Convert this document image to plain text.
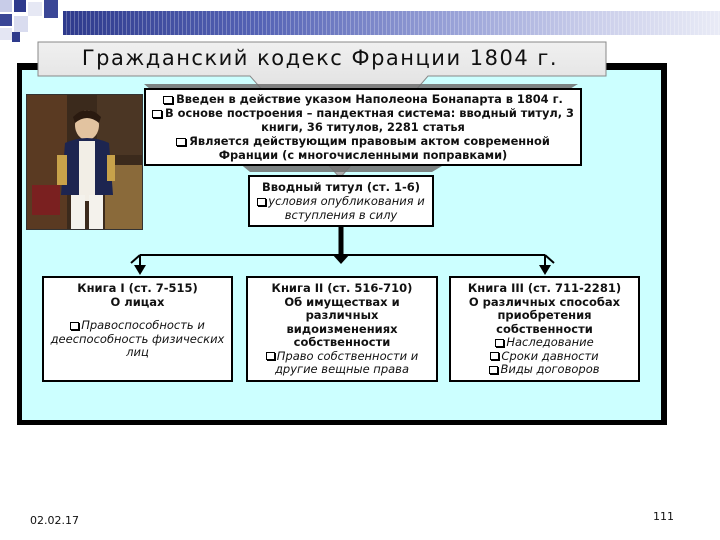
Гражданский кодекс Франции 1804 г.
Введен в действие указом Наполеона Бонапарта в 1804 г.
В основе построения – пандектная система: вводный титул, 3 книги, 36 титулов, 2281 статья
Является действующим правовым актом современной Франции (с многочисленными поправками)
Вводный титул (ст. 1-6)
условия опубликования и вступления в силу
Книга I (ст. 7-515)
О лицах
Правоспособность и дееспособность физических лиц
Книга II (ст. 516-710)
Об имуществах и различных видоизменениях собственности
Право собственности и другие вещные права
Книга III (ст. 711-2281)
О различных способах приобретения собственности
Наследование
Сроки давности
Виды договоров
02.02.17	111
